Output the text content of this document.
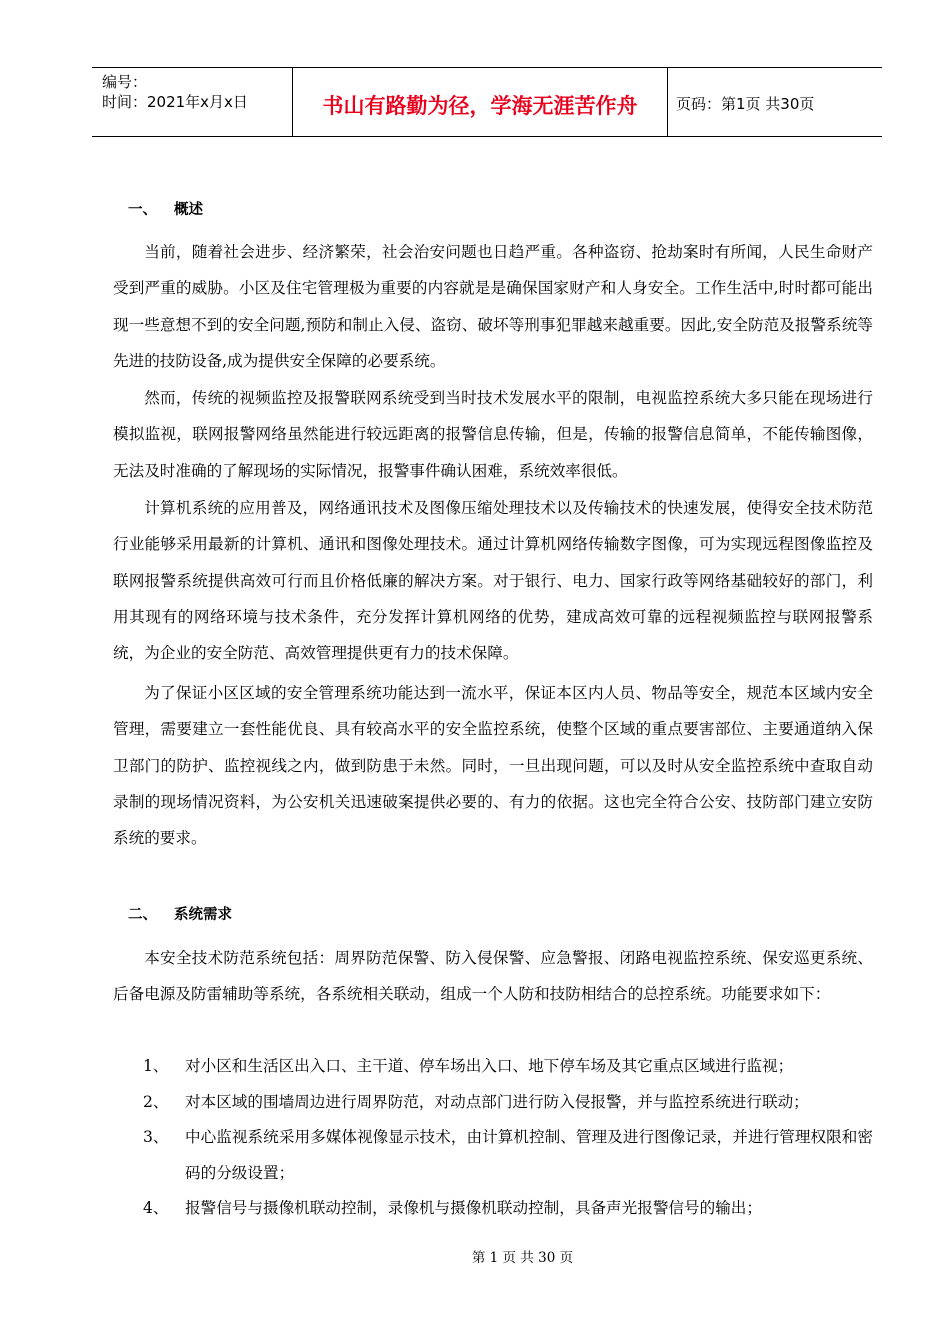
编号：
时间：2021年x月x日	书山有路勤为径，学海无涯苦作舟	页码：第1页 共30页
一、 概述

当前，随着社会进步、经济繁荣，社会治安问题也日趋严重。各种盗窃、抢劫案时有所闻，人民生命财产受到严重的威胁。小区及住宅管理极为重要的内容就是是确保国家财产和人身安全。工作生活中,时时都可能出现一些意想不到的安全问题,预防和制止入侵、盗窃、破坏等刑事犯罪越来越重要。因此,安全防范及报警系统等先进的技防设备,成为提供安全保障的必要系统。

然而，传统的视频监控及报警联网系统受到当时技术发展水平的限制，电视监控系统大多只能在现场进行模拟监视，联网报警网络虽然能进行较远距离的报警信息传输，但是，传输的报警信息简单，不能传输图像，无法及时准确的了解现场的实际情况，报警事件确认困难，系统效率很低。

计算机系统的应用普及，网络通讯技术及图像压缩处理技术以及传输技术的快速发展，使得安全技术防范行业能够采用最新的计算机、通讯和图像处理技术。通过计算机网络传输数字图像，可为实现远程图像监控及联网报警系统提供高效可行而且价格低廉的解决方案。对于银行、电力、国家行政等网络基础较好的部门，利用其现有的网络环境与技术条件，充分发挥计算机网络的优势，建成高效可靠的远程视频监控与联网报警系统，为企业的安全防范、高效管理提供更有力的技术保障。

为了保证小区区域的安全管理系统功能达到一流水平，保证本区内人员、物品等安全，规范本区域内安全管理，需要建立一套性能优良、具有较高水平的安全监控系统，使整个区域的重点要害部位、主要通道纳入保卫部门的防护、监控视线之内，做到防患于未然。同时，一旦出现问题，可以及时从安全监控系统中查取自动录制的现场情况资料，为公安机关迅速破案提供必要的、有力的依据。这也完全符合公安、技防部门建立安防系统的要求。

二、 系统需求

本安全技术防范系统包括：周界防范保警、防入侵保警、应急警报、闭路电视监控系统、保安巡更系统、后备电源及防雷辅助等系统，各系统相关联动，组成一个人防和技防相结合的总控系统。功能要求如下：

1、 对小区和生活区出入口、主干道、停车场出入口、地下停车场及其它重点区域进行监视；
2、 对本区域的围墙周边进行周界防范，对动点部门进行防入侵报警，并与监控系统进行联动；
3、 中心监视系统采用多媒体视像显示技术，由计算机控制、管理及进行图像记录，并进行管理权限和密码的分级设置；
4、 报警信号与摄像机联动控制，录像机与摄像机联动控制，具备声光报警信号的输出；
第 1 页 共 30 页
